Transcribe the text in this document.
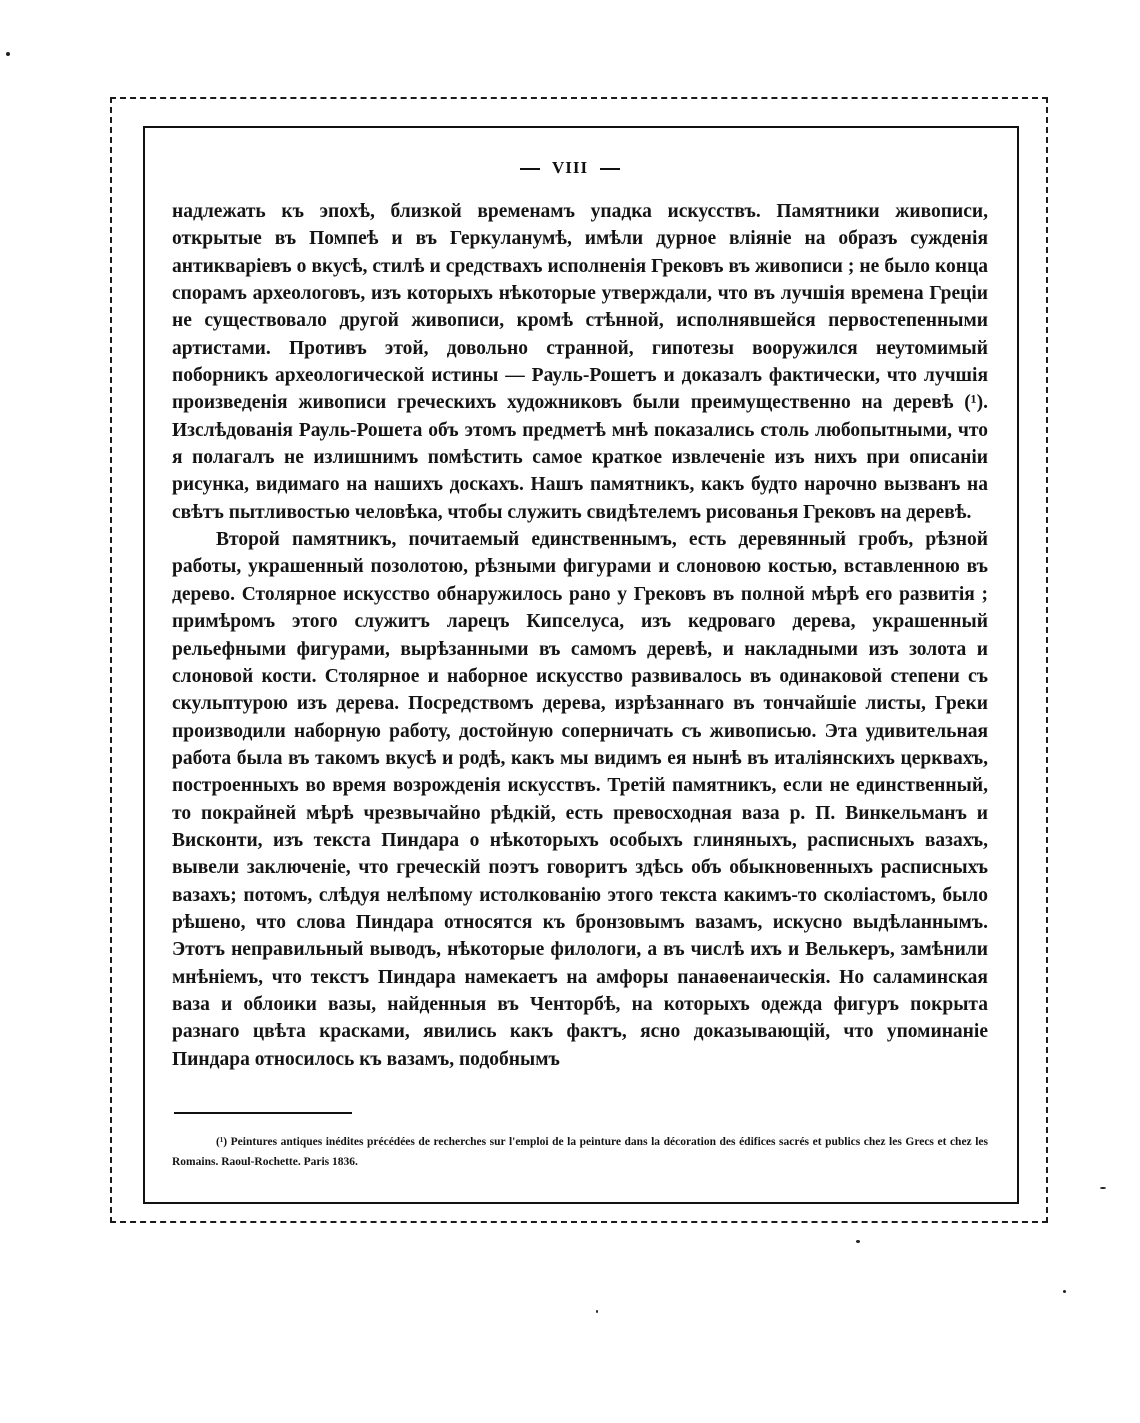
VIII

надлежать къ эпохѣ, близкой временамъ упадка искусствъ. Памятники живописи, открытые въ Помпеѣ и въ Геркуланумѣ, имѣли дурное вліяніе на образъ сужденія антикваріевъ о вкусѣ, стилѣ и средствахъ исполненія Грековъ въ живописи ; не было конца спорамъ археологовъ, изъ которыхъ нѣкоторые утверждали, что въ лучшія времена Греціи не существовало другой живописи, кромѣ стѣнной, исполнявшейся первостепенными артистами. Противъ этой, довольно странной, гипотезы вооружился неутомимый поборникъ археологической истины — Рауль-Рошетъ и доказалъ фактически, что лучшія произведенія живописи греческихъ художниковъ были преимущественно на деревѣ (¹). Изслѣдованія Рауль-Рошета объ этомъ предметѣ мнѣ показались столь любопытными, что я полагалъ не излишнимъ помѣстить самое краткое извлеченіе изъ нихъ при описаніи рисунка, видимаго на нашихъ доскахъ. Нашъ памятникъ, какъ будто нарочно вызванъ на свѣтъ пытливостью человѣка, чтобы служить свидѣтелемъ рисованья Грековъ на деревѣ.

Второй памятникъ, почитаемый единственнымъ, есть деревянный гробъ, рѣзной работы, украшенный позолотою, рѣзными фигурами и слоновою костью, вставленною въ дерево. Столярное искусство обнаружилось рано у Грековъ въ полной мѣрѣ его развитія ; примѣромъ этого служитъ ларецъ Кипселуса, изъ кедроваго дерева, украшенный рельефными фигурами, вырѣзанными въ самомъ деревѣ, и накладными изъ золота и слоновой кости. Столярное и наборное искусство развивалось въ одинаковой степени съ скульптурою изъ дерева. Посредствомъ дерева, изрѣзаннаго въ тончайшіе листы, Греки производили наборную работу, достойную соперничать съ живописью. Эта удивительная работа была въ такомъ вкусѣ и родѣ, какъ мы видимъ ея нынѣ въ италіянскихъ церквахъ, построенныхъ во время возрожденія искусствъ. Третій памятникъ, если не единственный, то покрайней мѣрѣ чрезвычайно рѣдкій, есть превосходная ваза р. П. Винкельманъ и Висконти, изъ текста Пиндара о нѣкоторыхъ особыхъ глиняныхъ, расписныхъ вазахъ, вывели заключеніе, что греческій поэтъ говоритъ здѣсь объ обыкновенныхъ расписныхъ вазахъ; потомъ, слѣдуя нелѣпому истолкованію этого текста какимъ-то сколіастомъ, было рѣшено, что слова Пиндара относятся къ бронзовымъ вазамъ, искусно выдѣланнымъ. Этотъ неправильный выводъ, нѣкоторые филологи, а въ числѣ ихъ и Велькеръ, замѣнили мнѣніемъ, что текстъ Пиндара намекаетъ на амфоры панаѳенаическія. Но саламинская ваза и облоики вазы, найденныя въ Ченторбѣ, на которыхъ одежда фигуръ покрыта разнаго цвѣта красками, явились какъ фактъ, ясно доказывающій, что упоминаніе Пиндара относилось къ вазамъ, подобнымъ

(¹) Peintures antiques inédites précédées de recherches sur l'emploi de la peinture dans la décoration des édifices sacrés et publics chez les Grecs et chez les Romains. Raoul-Rochette. Paris 1836.
